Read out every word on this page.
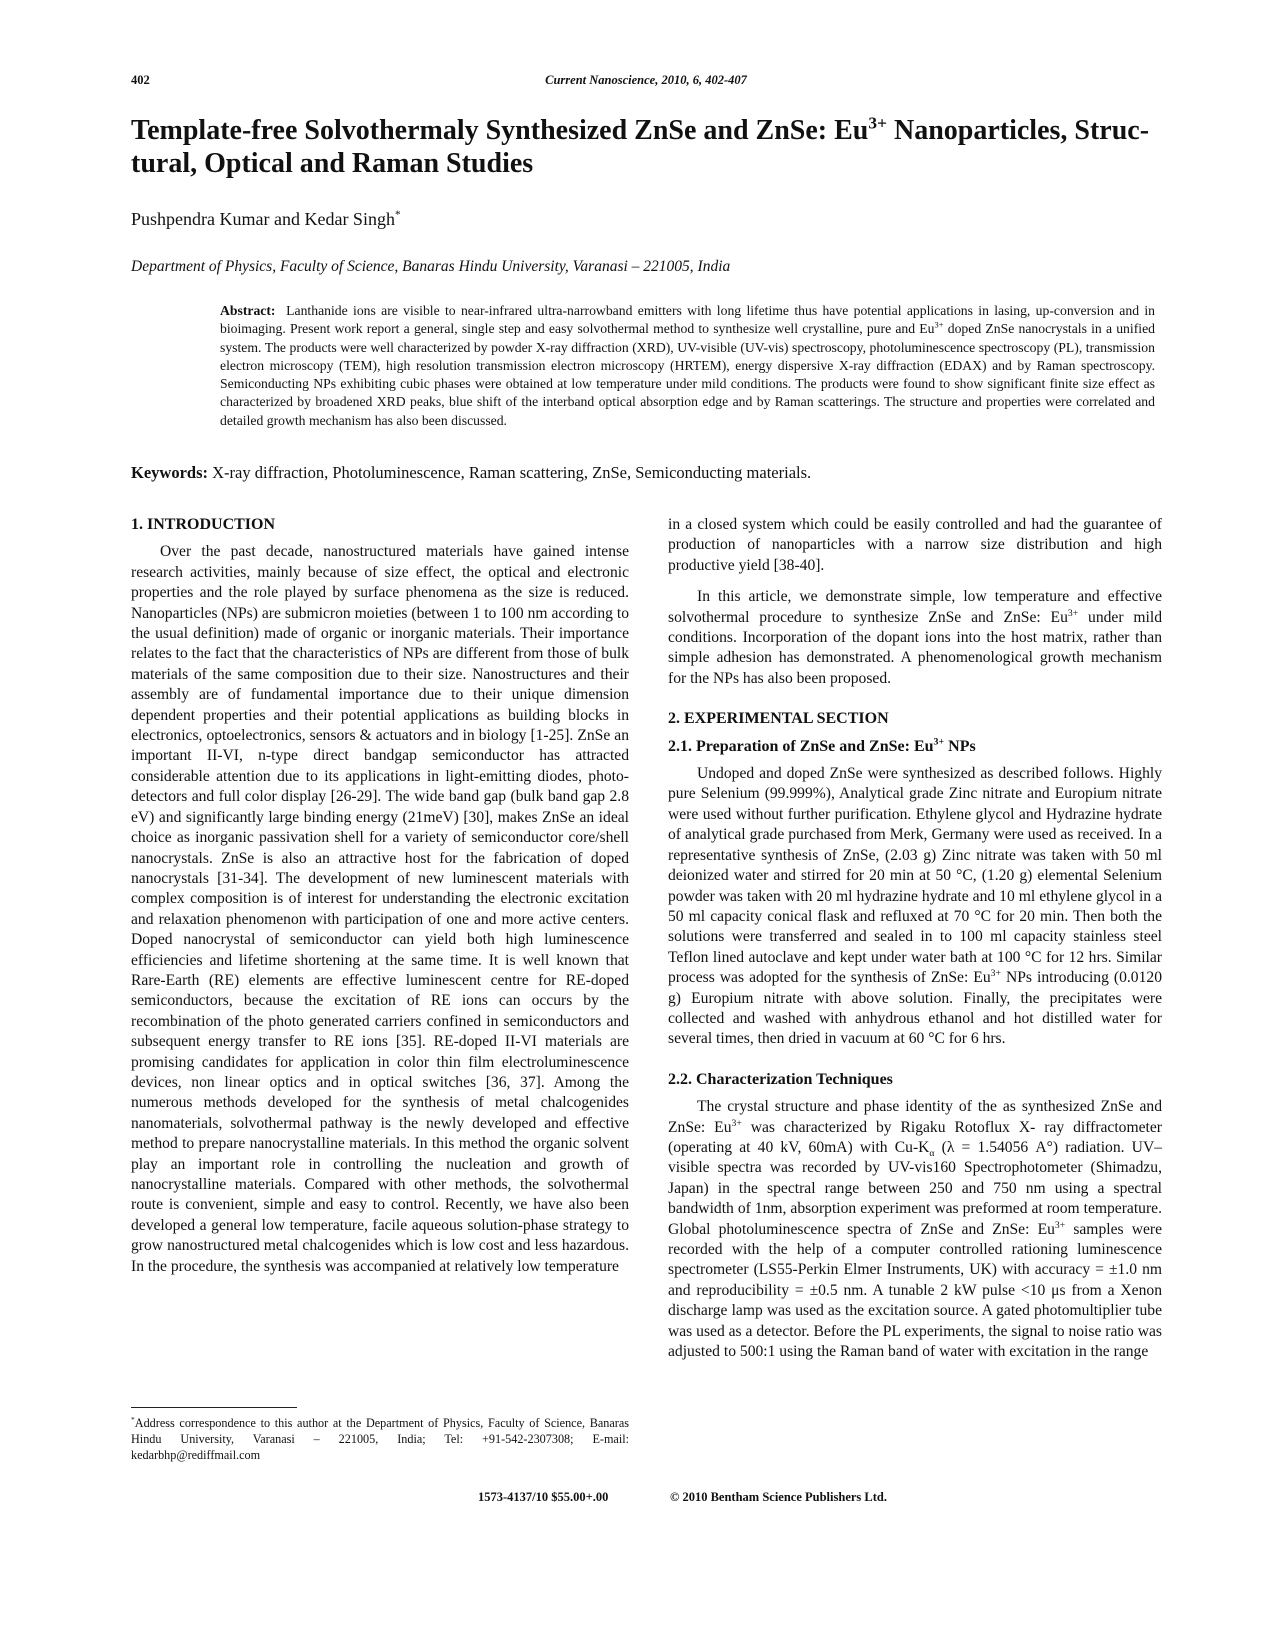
402	Current Nanoscience, 2010, 6, 402-407
Template-free Solvothermaly Synthesized ZnSe and ZnSe: $Eu^{3+}$ Nanoparticles, Struc-
tural, Optical and Raman Studies
Pushpendra Kumar and Kedar Singh*
Department of Physics, Faculty of Science, Banaras Hindu University, Varanasi – 221005, India
Abstract: Lanthanide ions are visible to near-infrared ultra-narrowband emitters with long lifetime thus have potential applications in lasing, up-conversion and in bioimaging. Present work report a general, single step and easy solvothermal method to synthesize well crystalline, pure and $Eu^{3+}$ doped ZnSe nanocrystals in a unified system. The products were well characterized by powder X-ray diffraction (XRD), UV-visible (UV-vis) spectroscopy, photoluminescence spectroscopy (PL), transmission electron microscopy (TEM), high resolution transmission electron microscopy (HRTEM), energy dispersive X-ray diffraction (EDAX) and by Raman spectroscopy. Semiconducting NPs exhibiting cubic phases were obtained at low temperature under mild conditions. The products were found to show significant finite size effect as characterized by broadened XRD peaks, blue shift of the interband optical absorption edge and by Raman scatterings. The structure and properties were correlated and detailed growth mechanism has also been discussed.
Keywords: X-ray diffraction, Photoluminescence, Raman scattering, ZnSe, Semiconducting materials.
1. INTRODUCTION

Over the past decade, nanostructured materials have gained intense research activities, mainly because of size effect, the optical and electronic properties and the role played by surface phenomena as the size is reduced. Nanoparticles (NPs) are submicron moieties (between 1 to 100 nm according to the usual definition) made of organic or inorganic materials. Their importance relates to the fact that the characteristics of NPs are different from those of bulk materials of the same composition due to their size. Nanostructures and their assembly are of fundamental importance due to their unique dimension dependent properties and their potential applications as building blocks in electronics, optoelectronics, sensors & actuators and in biology [1-25]. ZnSe an important II-VI, n-type direct bandgap semiconductor has attracted considerable attention due to its applications in light-emitting diodes, photo-detectors and full color display [26-29]. The wide band gap (bulk band gap 2.8 eV) and significantly large binding energy (21meV) [30], makes ZnSe an ideal choice as inorganic passivation shell for a variety of semiconductor core/shell nanocrystals. ZnSe is also an attractive host for the fabrication of doped nanocrystals [31-34]. The development of new luminescent materials with complex composition is of interest for understanding the electronic excitation and relaxation phenomenon with participation of one and more active centers. Doped nanocrystal of semiconductor can yield both high luminescence efficiencies and lifetime shortening at the same time. It is well known that Rare-Earth (RE) elements are effective luminescent centre for RE-doped semiconductors, because the excitation of RE ions can occurs by the recombination of the photo generated carriers confined in semiconductors and subsequent energy transfer to RE ions [35]. RE-doped II-VI materials are promising candidates for application in color thin film electroluminescence devices, non linear optics and in optical switches [36, 37]. Among the numerous methods developed for the synthesis of metal chalcogenides nanomaterials, solvothermal pathway is the newly developed and effective method to prepare nanocrystalline materials. In this method the organic solvent play an important role in controlling the nucleation and growth of nanocrystalline materials. Compared with other methods, the solvothermal route is convenient, simple and easy to control. Recently, we have also been developed a general low temperature, facile aqueous solution-phase strategy to grow nanostructured metal chalcogenides which is low cost and less hazardous. In the procedure, the synthesis was accompanied at relatively low temperature

in a closed system which could be easily controlled and had the guarantee of production of nanoparticles with a narrow size distribution and high productive yield [38-40].

In this article, we demonstrate simple, low temperature and effective solvothermal procedure to synthesize ZnSe and ZnSe: $Eu^{3+}$ under mild conditions. Incorporation of the dopant ions into the host matrix, rather than simple adhesion has demonstrated. A phenomenological growth mechanism for the NPs has also been proposed.

2. EXPERIMENTAL SECTION
2.1. Preparation of ZnSe and ZnSe: $Eu^{3+}$ NPs

Undoped and doped ZnSe were synthesized as described follows. Highly pure Selenium (99.999%), Analytical grade Zinc nitrate and Europium nitrate were used without further purification. Ethylene glycol and Hydrazine hydrate of analytical grade purchased from Merk, Germany were used as received. In a representative synthesis of ZnSe, (2.03 g) Zinc nitrate was taken with 50 ml deionized water and stirred for 20 min at 50 °C, (1.20 g) elemental Selenium powder was taken with 20 ml hydrazine hydrate and 10 ml ethylene glycol in a 50 ml capacity conical flask and refluxed at 70 °C for 20 min. Then both the solutions were transferred and sealed in to 100 ml capacity stainless steel Teflon lined autoclave and kept under water bath at 100 °C for 12 hrs. Similar process was adopted for the synthesis of ZnSe: $Eu^{3+}$ NPs introducing (0.0120 g) Europium nitrate with above solution. Finally, the precipitates were collected and washed with anhydrous ethanol and hot distilled water for several times, then dried in vacuum at 60 °C for 6 hrs.

2.2. Characterization Techniques

The crystal structure and phase identity of the as synthesized ZnSe and ZnSe: $Eu^{3+}$ was characterized by Rigaku Rotoflux X- ray diffractometer (operating at 40 kV, 60mA) with $Cu-K_\alpha$ (λ = 1.54056 A°) radiation. UV–visible spectra was recorded by UV-vis160 Spectrophotometer (Shimadzu, Japan) in the spectral range between 250 and 750 nm using a spectral bandwidth of 1nm, absorption experiment was preformed at room temperature. Global photoluminescence spectra of ZnSe and ZnSe: $Eu^{3+}$ samples were recorded with the help of a computer controlled rationing luminescence spectrometer (LS55-Perkin Elmer Instruments, UK) with accuracy = ±1.0 nm and reproducibility = ±0.5 nm. A tunable 2 kW pulse <10 μs from a Xenon discharge lamp was used as the excitation source. A gated photomultiplier tube was used as a detector. Before the PL experiments, the signal to noise ratio was adjusted to 500:1 using the Raman band of water with excitation in the range

*Address correspondence to this author at the Department of Physics, Faculty of Science, Banaras Hindu University, Varanasi – 221005, India; Tel: +91-542-2307308; E-mail: kedarbhp@rediffmail.com
1573-4137/10 $55.00+.00	© 2010 Bentham Science Publishers Ltd.
